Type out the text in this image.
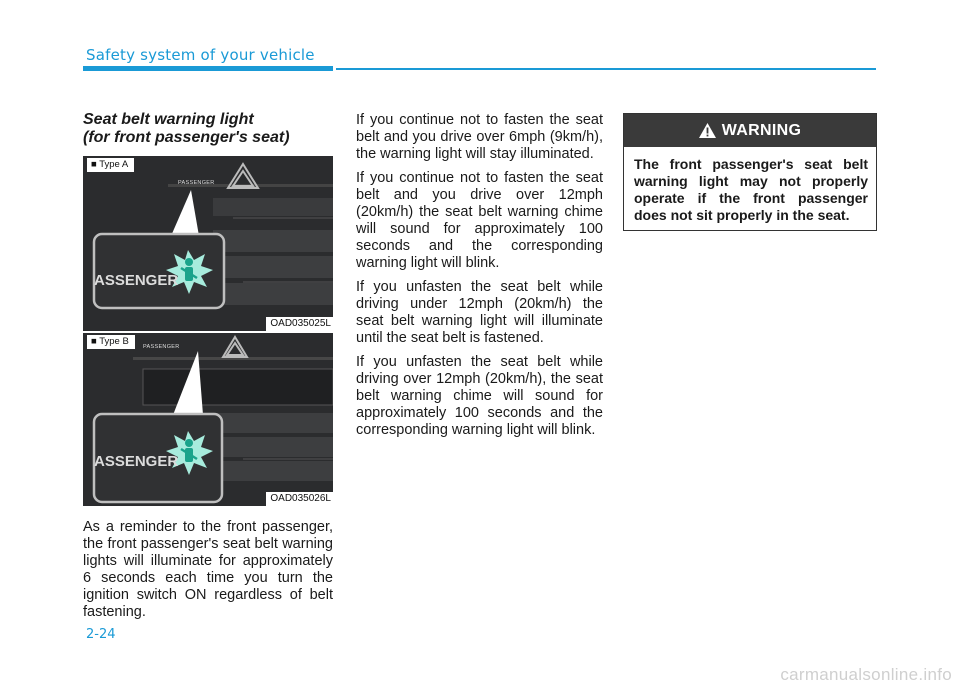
Safety system of your vehicle
Seat belt warning light
(for front passenger's seat)
PASSENGER
ASSENGER
■ Type A
OAD035025L
PASSENGER
ASSENGER
■ Type B
OAD035026L

As a reminder to the front passenger, the front passenger's seat belt warning lights will illuminate for approximately 6 seconds each time you turn the ignition switch ON regardless of belt fastening.

If you continue not to fasten the seat belt and you drive over 6mph (9km/h), the warning light will stay illuminated.

If you continue not to fasten the seat belt and you drive over 12mph (20km/h) the seat belt warning chime will sound for approximately 100 seconds and the corresponding warning light will blink.

If you unfasten the seat belt while driving under 12mph (20km/h) the seat belt warning light will illuminate until the seat belt is fastened.

If you unfasten the seat belt while driving over 12mph (20km/h), the seat belt warning chime will sound for approximately 100 seconds and the corresponding warning light will blink.

WARNING
The front passenger's seat belt warning light may not properly operate if the front passenger does not sit properly in the seat.
2-24
carmanualsonline.info
